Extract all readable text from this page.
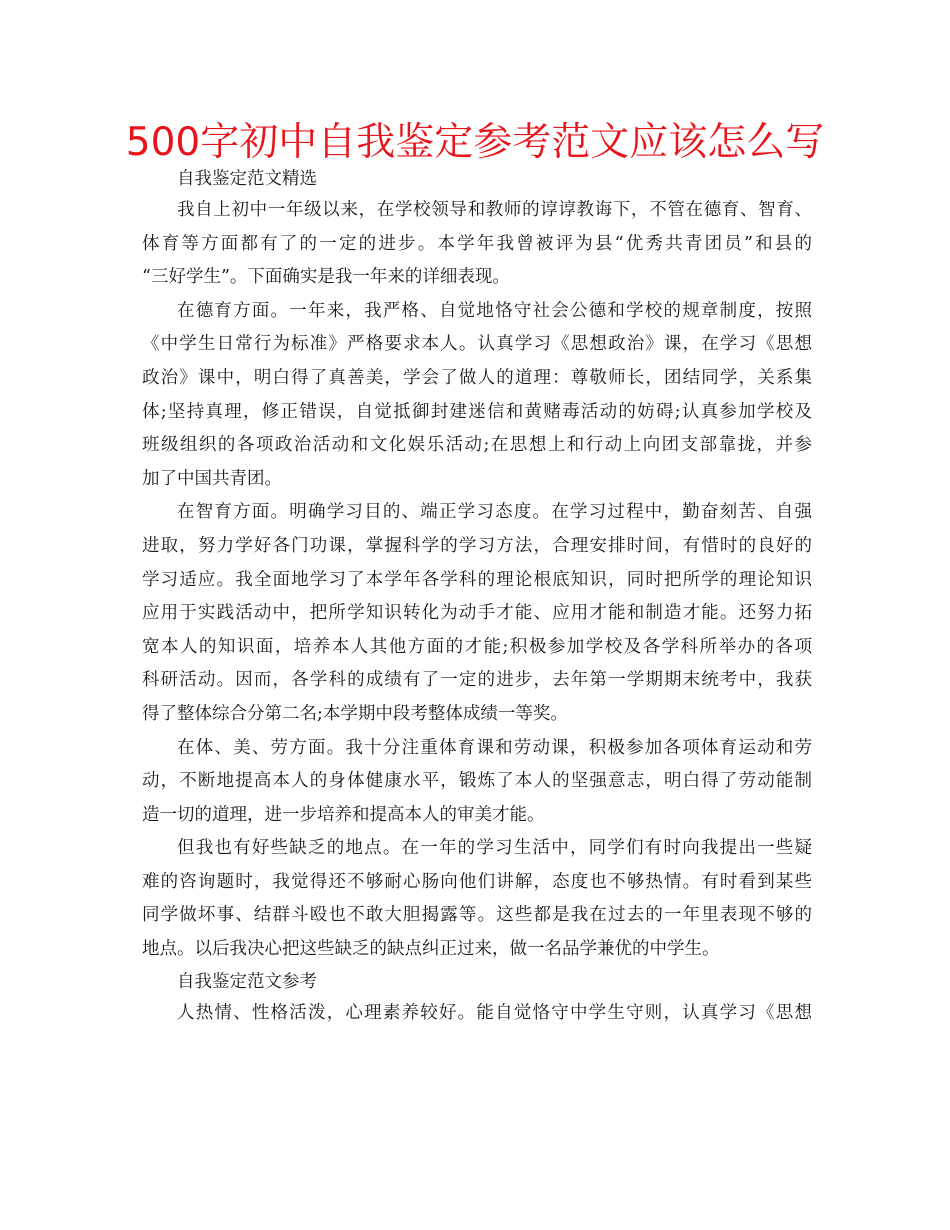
500字初中自我鉴定参考范文应该怎么写

自我鉴定范文精选

我自上初中一年级以来，在学校领导和教师的谆谆教诲下，不管在德育、智育、

体育等方面都有了的一定的进步。本学年我曾被评为县“优秀共青团员”和县的

“三好学生”。下面确实是我一年来的详细表现。

在德育方面。一年来，我严格、自觉地恪守社会公德和学校的规章制度，按照

《中学生日常行为标准》严格要求本人。认真学习《思想政治》课，在学习《思想

政治》课中，明白得了真善美，学会了做人的道理：尊敬师长，团结同学，关系集

体;坚持真理，修正错误，自觉抵御封建迷信和黄赌毒活动的妨碍;认真参加学校及

班级组织的各项政治活动和文化娱乐活动;在思想上和行动上向团支部靠拢，并参

加了中国共青团。

在智育方面。明确学习目的、端正学习态度。在学习过程中，勤奋刻苦、自强

进取，努力学好各门功课，掌握科学的学习方法，合理安排时间，有惜时的良好的

学习适应。我全面地学习了本学年各学科的理论根底知识，同时把所学的理论知识

应用于实践活动中，把所学知识转化为动手才能、应用才能和制造才能。还努力拓

宽本人的知识面，培养本人其他方面的才能;积极参加学校及各学科所举办的各项

科研活动。因而，各学科的成绩有了一定的进步，去年第一学期期末统考中，我获

得了整体综合分第二名;本学期中段考整体成绩一等奖。

在体、美、劳方面。我十分注重体育课和劳动课，积极参加各项体育运动和劳

动，不断地提高本人的身体健康水平，锻炼了本人的坚强意志，明白得了劳动能制

造一切的道理，进一步培养和提高本人的审美才能。

但我也有好些缺乏的地点。在一年的学习生活中，同学们有时向我提出一些疑

难的咨询题时，我觉得还不够耐心肠向他们讲解，态度也不够热情。有时看到某些

同学做坏事、结群斗殴也不敢大胆揭露等。这些都是我在过去的一年里表现不够的

地点。以后我决心把这些缺乏的缺点纠正过来，做一名品学兼优的中学生。

自我鉴定范文参考

人热情、性格活泼，心理素养较好。能自觉恪守中学生守则，认真学习《思想
